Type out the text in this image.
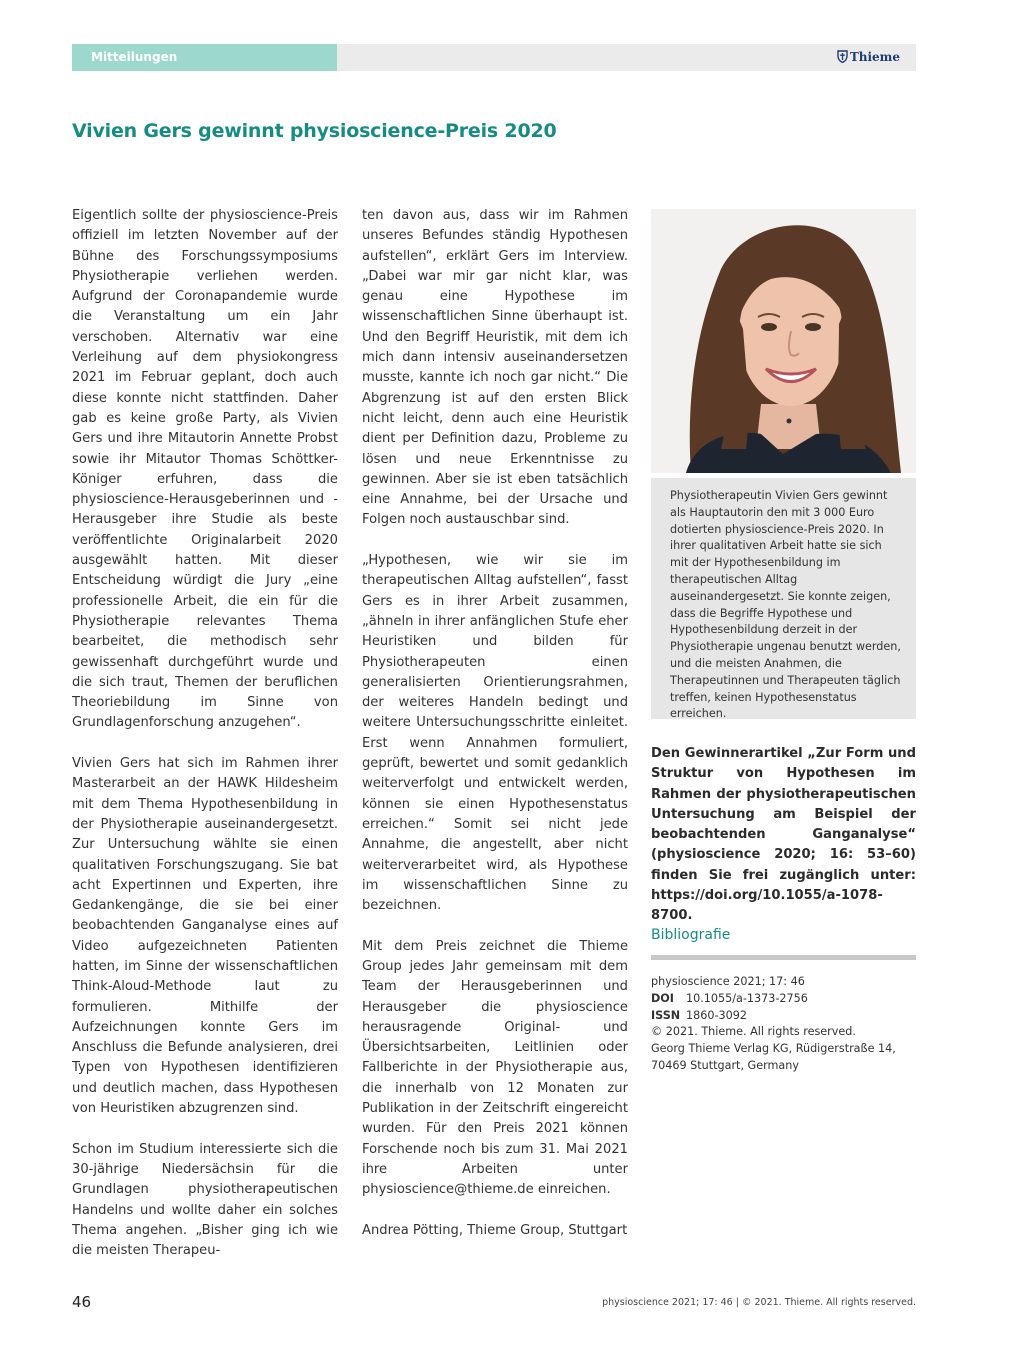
Mitteilungen	Thieme
Vivien Gers gewinnt physioscience-Preis 2020

Eigentlich sollte der physioscience-Preis offiziell im letzten November auf der Bühne des Forschungssymposiums Physiotherapie verliehen werden. Aufgrund der Coronapandemie wurde die Veranstaltung um ein Jahr verschoben. Alternativ war eine Verleihung auf dem physiokongress 2021 im Februar geplant, doch auch diese konnte nicht stattfinden. Daher gab es keine große Party, als Vivien Gers und ihre Mitautorin Annette Probst sowie ihr Mitautor Thomas Schöttker-Königer erfuhren, dass die physioscience-Herausgeberinnen und -Herausgeber ihre Studie als beste veröffentlichte Originalarbeit 2020 ausgewählt hatten. Mit dieser Entscheidung würdigt die Jury „eine professionelle Arbeit, die ein für die Physiotherapie relevantes Thema bearbeitet, die methodisch sehr gewissenhaft durchgeführt wurde und die sich traut, Themen der beruflichen Theoriebildung im Sinne von Grundlagenforschung anzugehen“.

Vivien Gers hat sich im Rahmen ihrer Masterarbeit an der HAWK Hildesheim mit dem Thema Hypothesenbildung in der Physiotherapie auseinandergesetzt. Zur Untersuchung wählte sie einen qualitativen Forschungszugang. Sie bat acht Expertinnen und Experten, ihre Gedankengänge, die sie bei einer beobachtenden Ganganalyse eines auf Video aufgezeichneten Patienten hatten, im Sinne der wissenschaftlichen Think-Aloud-Methode laut zu formulieren. Mithilfe der Aufzeichnungen konnte Gers im Anschluss die Befunde analysieren, drei Typen von Hypothesen identifizieren und deutlich machen, dass Hypothesen von Heuristiken abzugrenzen sind.

Schon im Studium interessierte sich die 30-jährige Niedersächsin für die Grundlagen physiotherapeutischen Handelns und wollte daher ein solches Thema angehen. „Bisher ging ich wie die meisten Therapeu-

ten davon aus, dass wir im Rahmen unseres Befundes ständig Hypothesen aufstellen“, erklärt Gers im Interview. „Dabei war mir gar nicht klar, was genau eine Hypothese im wissenschaftlichen Sinne überhaupt ist. Und den Begriff Heuristik, mit dem ich mich dann intensiv auseinandersetzen musste, kannte ich noch gar nicht.“ Die Abgrenzung ist auf den ersten Blick nicht leicht, denn auch eine Heuristik dient per Definition dazu, Probleme zu lösen und neue Erkenntnisse zu gewinnen. Aber sie ist eben tatsächlich eine Annahme, bei der Ursache und Folgen noch austauschbar sind.

„Hypothesen, wie wir sie im therapeutischen Alltag aufstellen“, fasst Gers es in ihrer Arbeit zusammen, „ähneln in ihrer anfänglichen Stufe eher Heuristiken und bilden für Physiotherapeuten einen generalisierten Orientierungsrahmen, der weiteres Handeln bedingt und weitere Untersuchungsschritte einleitet. Erst wenn Annahmen formuliert, geprüft, bewertet und somit gedanklich weiterverfolgt und entwickelt werden, können sie einen Hypothesenstatus erreichen.“ Somit sei nicht jede Annahme, die angestellt, aber nicht weiterverarbeitet wird, als Hypothese im wissenschaftlichen Sinne zu bezeichnen.

Mit dem Preis zeichnet die Thieme Group jedes Jahr gemeinsam mit dem Team der Herausgeberinnen und Herausgeber die physioscience herausragende Original- und Übersichtsarbeiten, Leitlinien oder Fallberichte in der Physiotherapie aus, die innerhalb von 12 Monaten zur Publikation in der Zeitschrift eingereicht wurden. Für den Preis 2021 können Forschende noch bis zum 31. Mai 2021 ihre Arbeiten unter physioscience@thieme.de einreichen.

Andrea Pötting, Thieme Group, Stuttgart

Physiotherapeutin Vivien Gers gewinnt als Hauptautorin den mit 3 000 Euro dotierten physioscience-Preis 2020. In ihrer qualitativen Arbeit hatte sie sich mit der Hypothesenbildung im therapeutischen Alltag auseinandergesetzt. Sie konnte zeigen, dass die Begriffe Hypothese und Hypothesenbildung derzeit in der Physiotherapie ungenau benutzt werden, und die meisten Anahmen, die Therapeutinnen und Therapeuten täglich treffen, keinen Hypothesenstatus erreichen.
Den Gewinnerartikel „Zur Form und Struktur von Hypothesen im Rahmen der physiotherapeutischen Untersuchung am Beispiel der beobachtenden Ganganalyse“ (physioscience 2020; 16: 53–60) finden Sie frei zugänglich unter: https://doi.org/10.1055/a-1078-8700.
Bibliografie
physioscience 2021; 17: 46
DOI 10.1055/a-1373-2756
ISSN 1860-3092
© 2021. Thieme. All rights reserved.
Georg Thieme Verlag KG, Rüdigerstraße 14,
70469 Stuttgart, Germany
46	physioscience 2021; 17: 46 | © 2021. Thieme. All rights reserved.
